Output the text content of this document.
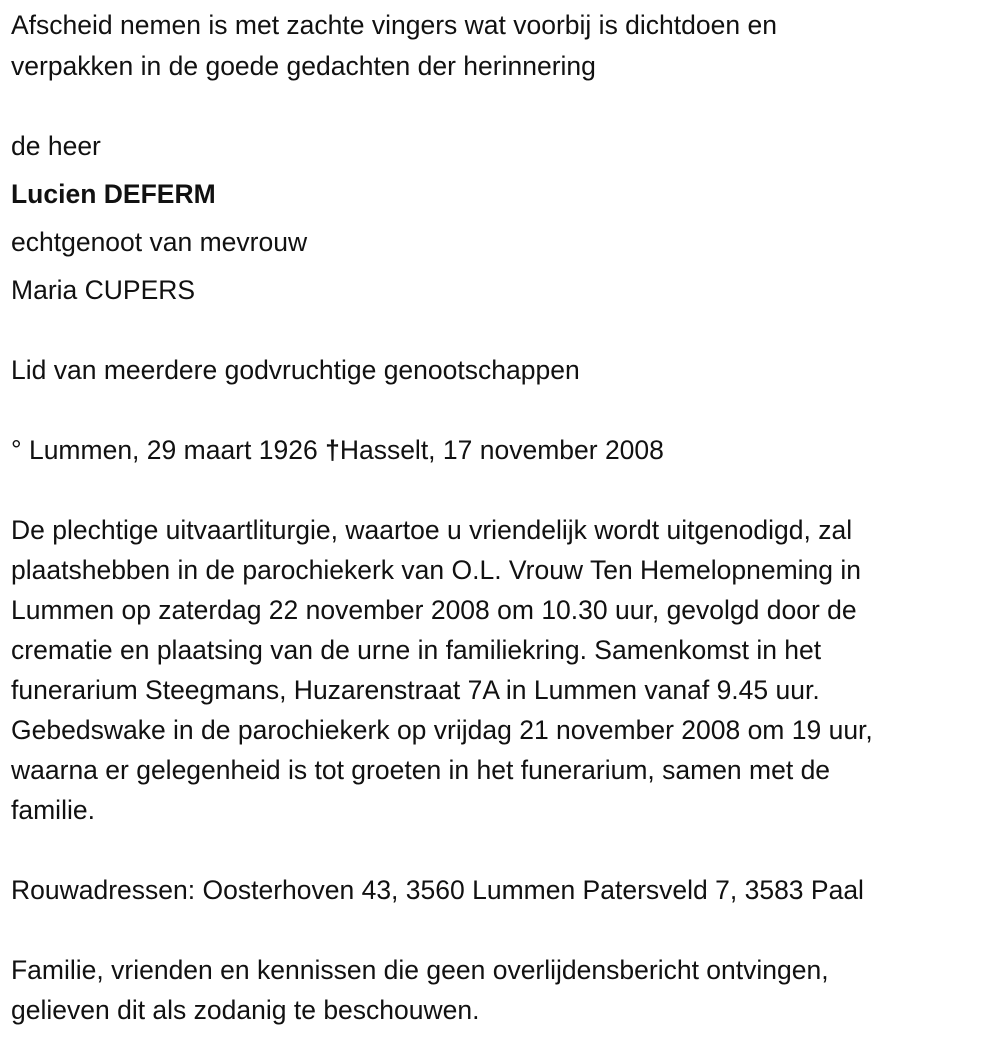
Afscheid nemen is met zachte vingers wat voorbij is dichtdoen en
verpakken in de goede gedachten der herinnering
de heer
Lucien DEFERM
echtgenoot van mevrouw
Maria CUPERS
Lid van meerdere godvruchtige genootschappen
° Lummen, 29 maart 1926 †Hasselt, 17 november 2008
De plechtige uitvaartliturgie, waartoe u vriendelijk wordt uitgenodigd, zal
plaatshebben in de parochiekerk van O.L. Vrouw Ten Hemelopneming in
Lummen op zaterdag 22 november 2008 om 10.30 uur, gevolgd door de
crematie en plaatsing van de urne in familiekring. Samenkomst in het
funerarium Steegmans, Huzarenstraat 7A in Lummen vanaf 9.45 uur.
Gebedswake in de parochiekerk op vrijdag 21 november 2008 om 19 uur,
waarna er gelegenheid is tot groeten in het funerarium, samen met de
familie.
Rouwadressen: Oosterhoven 43, 3560 Lummen Patersveld 7, 3583 Paal
Familie, vrienden en kennissen die geen overlijdensbericht ontvingen,
gelieven dit als zodanig te beschouwen.
